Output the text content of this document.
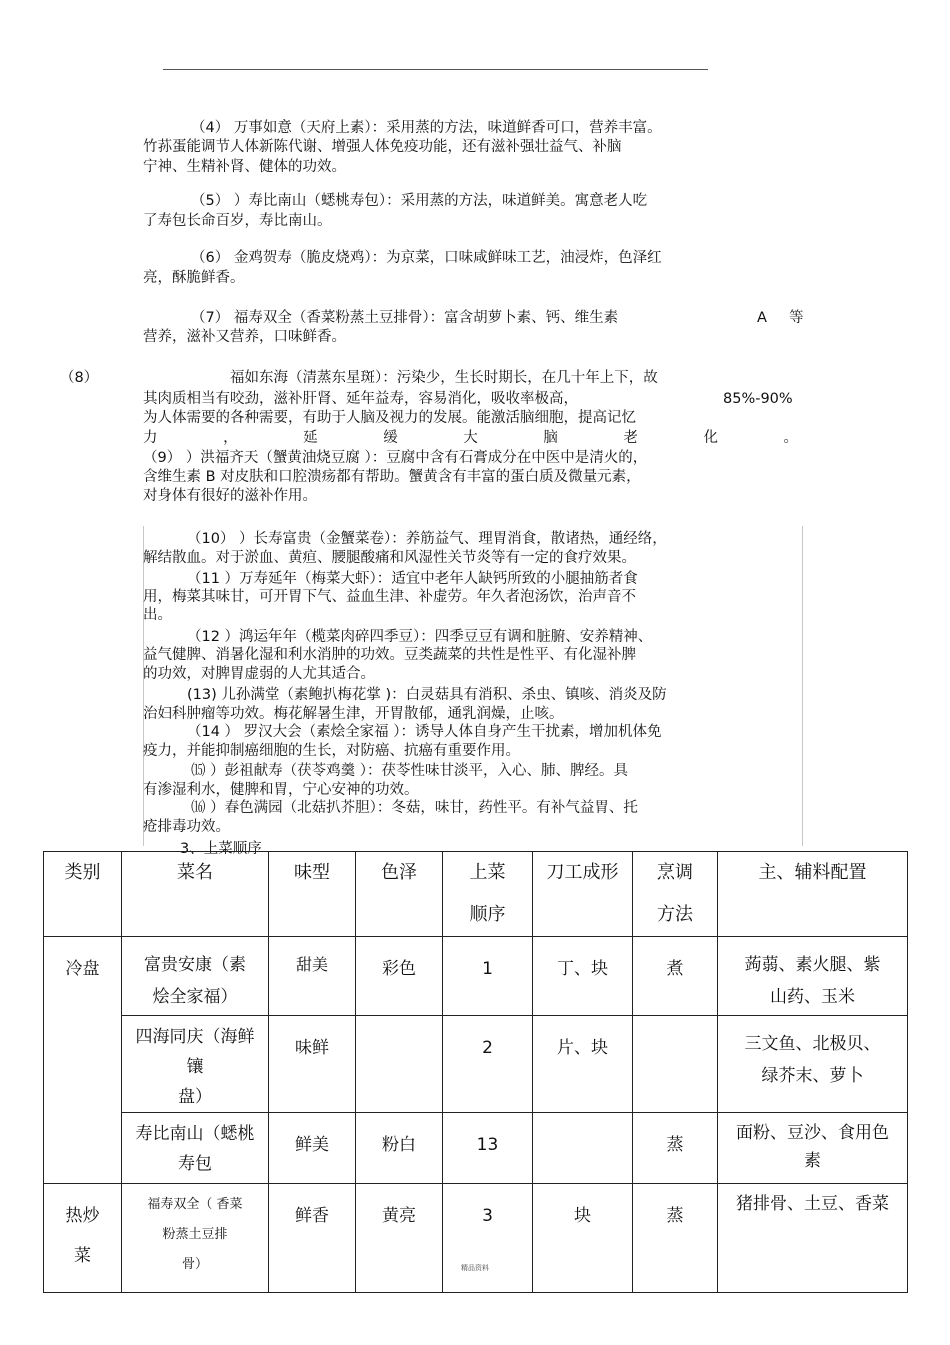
（4） 万事如意（天府上素）：采用蒸的方法，味道鲜香可口，营养丰富。
竹荪蛋能调节人体新陈代谢、增强人体免疫功能，还有滋补强壮益气、补脑
宁神、生精补肾、健体的功效。
（5） ）寿比南山（蟋桃寿包）：采用蒸的方法，味道鲜美。寓意老人吃
了寿包长命百岁，寿比南山。
（6） 金鸡贺寿（脆皮烧鸡）：为京菜，口味咸鲜味工艺，油浸炸，色泽红
亮，酥脆鲜香。
（7） 福寿双全（香菜粉蒸土豆排骨）：富含胡萝卜素、钙、维生素	A 等
营养，滋补又营养，口味鲜香。
（8）	福如东海（清蒸东星斑）：污染少，生长时期长，在几十年上下，故
其肉质相当有咬劲，滋补肝肾、延年益寿，容易消化，吸收率极高，	85%-90%
为人体需要的各种需要，有助于人脑及视力的发展。能激活脑细胞，提高记忆
力	，	延	缓	大	脑	老	化	。
（9） ）洪福齐天（蟹黄油烧豆腐 ）：豆腐中含有石膏成分在中医中是清火的，
含维生素 B 对皮肤和口腔溃疡都有帮助。蟹黄含有丰富的蛋白质及微量元素，
对身体有很好的滋补作用。
（10） ）长寿富贵（金蟹菜卷）：养筋益气、理胃消食，散诸热，通经络，
解结散血。对于淤血、黄疸、腰腿酸痛和风湿性关节炎等有一定的食疗效果。
（11 ）万寿延年（梅菜大虾）：适宜中老年人缺钙所致的小腿抽筋者食
用，梅菜其味甘，可开胃下气、益血生津、补虚劳。年久者泡汤饮，治声音不
出。
（12 ）鸿运年年（榄菜肉碎四季豆）：四季豆豆有调和脏腑、安养精神、
益气健脾、消暑化湿和利水消肿的功效。豆类蔬菜的共性是性平、有化湿补脾
的功效，对脾胃虚弱的人尤其适合。
(13) 儿孙满堂（素鲍扒梅花掌 )：白灵菇具有消积、杀虫、镇咳、消炎及防
治妇科肿瘤等功效。梅花解暑生津，开胃散郁，通乳润燥，止咳。
（14 ） 罗汉大会（素烩全家福 ）：诱导人体自身产生干扰素，增加机体免
疫力，并能抑制癌细胞的生长，对防癌、抗癌有重要作用。
⒂ ）彭祖献寿（茯苓鸡羹 ）：茯苓性味甘淡平，入心、肺、脾经。具
有渗湿利水，健脾和胃，宁心安神的功效。
⒃ ）春色满园（北菇扒芥胆）：冬菇，味甘，药性平。有补气益胃、托
疮排毒功效。
3、上菜顺序
类别	菜名	味型	色泽	上菜
顺序	刀工成形	烹调
方法	主、辅料配置
冷盘	富贵安康（素
烩全家福）	甜美	彩色	1	丁、块	煮	蒟蒻、素火腿、紫
山药、玉米
	四海同庆（海鲜镶
盘）	味鲜		2	片、块		三文鱼、北极贝、
绿芥末、萝卜
	寿比南山（蟋桃
寿包	鲜美	粉白	13		蒸	面粉、豆沙、食用色
素
热炒
菜	福寿双全（ 香菜
粉蒸土豆排
骨）	鲜香	黄亮	3	块	蒸	猪排骨、土豆、香菜
精品资料
